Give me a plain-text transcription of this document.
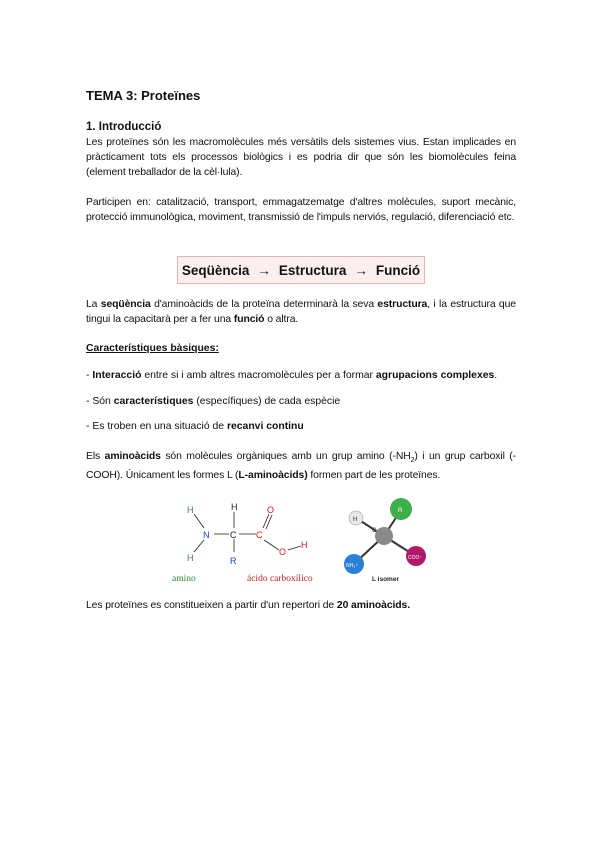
TEMA 3: Proteïnes
1. Introducció
Les proteïnes són les macromolècules més versàtils dels sistemes vius. Estan implicades en pràcticament tots els processos biològics i es podria dir que són les biomolècules feina (element treballador de la cèl·lula).
Participen en: catalització, transport, emmagatzematge d'altres molècules, suport mecànic, protecció immunològica, moviment, transmissió de l'impuls nerviós, regulació, diferenciació etc.
Seqüència → Estructura → Funció
La seqüència d'aminoàcids de la proteïna determinarà la seva estructura, i la estructura que tingui la capacitarà per a fer una funció o altra.
Característiques bàsiques:
- Interacció entre si i amb altres macromolècules per a formar agrupacions complexes.
- Són característiques (específiques) de cada espècie
- Es troben en una situació de recanvi continu
Els aminoàcids són molècules orgàniques amb un grup amino $(-NH_2)$ i un grup carboxil (-COOH). Únicament les formes L (L-aminoàcids) formen part de les proteïnes.
H
N
H
H
C
R
C
O
O
H
amino	ácido carboxílico
H
R
C
NH₃⁺
COO⁻
L isomer
Les proteïnes es constitueixen a partir d'un repertori de 20 aminoàcids.
